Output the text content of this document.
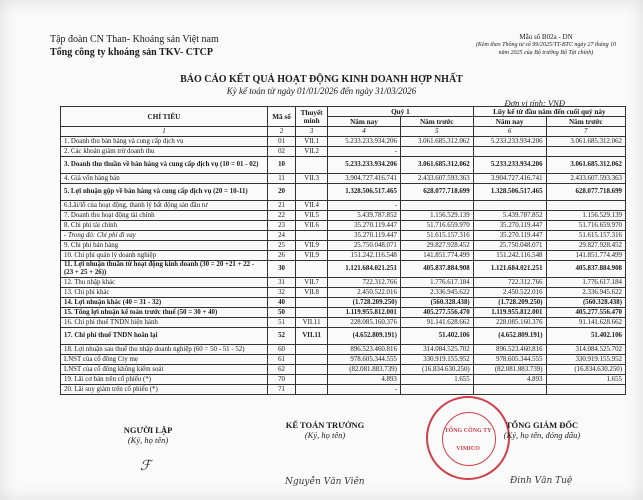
Tập đoàn CN Than- Khoáng sản Việt nam
Tổng công ty khoáng sản TKV- CTCP
Mẫu số B02a - DN
(Kèm theo Thông tư số 99/2025/TT-BTC ngày 27 tháng 10 năm 2025 của Bộ trưởng Bộ Tài chính)
BÁO CÁO KẾT QUẢ HOẠT ĐỘNG KINH DOANH HỢP NHẤT
Kỳ kế toán từ ngày 01/01/2026 đến ngày 31/03/2026
Đơn vị tính: VNĐ
CHỈ TIÊU	Mã số	Thuyết minh	Quý 1		Lũy kế từ đầu năm đến cuối quý này	
			Năm nay	Năm trước	Năm nay	Năm trước
1	2	3	4	5	6	7
1. Doanh thu bán hàng và cung cấp dịch vụ	01	VII.1	5.233.233.934.206	3.061.685.312.062	5.233.233.934.206	3.061.685.312.062
2. Các khoản giảm trừ doanh thu	02	VII.2	-			
3. Doanh thu thuần về bán hàng và cung cấp dịch vụ (10 = 01 - 02)	10		5.233.233.934.206	3.061.685.312.062	5.233.233.934.206	3.061.685.312.062
4. Giá vốn hàng bán	11	VII.3	3.904.727.416.741	2.433.607.593.363	3.904.727.416.741	2.433.607.593.363
5. Lợi nhuận gộp về bán hàng và cung cấp dịch vụ (20 = 10-11)	20		1.328.506.517.465	628.077.718.699	1.328.506.517.465	628.077.718.699
6.Lãi/lỗ của hoạt động, thanh lý bất động sản đầu tư	21	VII.4	-			
7. Doanh thu hoạt động tài chính	22	VII.5	5.439.787.852	1.156.529.139	5.439.787.852	1.156.529.139
8. Chi phí tài chính	23	VII.6	35.270.119.447	51.716.659.970	35.270.119.447	51.716.659.970
- Trong đó: Chi phí đi vay	24		35.270.119.447	51.615.157.316	35.270.119.447	51.615.157.316
9. Chi phí bán hàng	25	VII.9	25.750.048.071	29.827.928.452	25.750.048.071	29.827.928.452
10. Chi phí quản lý doanh nghiệp	26	VII.9	151.242.116.548	141.851.774.499	151.242.116.548	141.851.774.499
11. Lợi nhuận thuần từ hoạt động kinh doanh (30 = 20 +21 + 22 - (23 + 25 + 26))	30		1.121.684.021.251	405.837.884.908	1.121.684.021.251	405.837.884.908
12. Thu nhập khác	31	VII.7	722.312.766	1.776.617.184	722.312.766	1.776.617.184
13. Chi phí khác	32	VII.8	2.450.522.016	2.336.945.622	2.450.522.016	2.336.945.622
14. Lợi nhuận khác (40 = 31 - 32)	40		(1.728.209.250)	(560.328.438)	(1.728.209.250)	(560.328.438)
15. Tổng lợi nhuận kế toán trước thuế (50 = 30 + 40)	50		1.119.955.812.001	405.277.556.470	1.119.955.812.001	405.277.556.470
16. Chi phí thuế TNDN hiện hành	51	VII.11	228.085.160.376	91.141.628.662	228.085.160.376	91.141.628.662
17. Chi phí thuế TNDN hoãn lại	52	VII.11	(4.652.809.191)	51.402.106	(4.652.809.191)	51.402.106
18. Lợi nhuận sau thuế thu nhập doanh nghiệp (60 = 50 - 51 - 52)	60		896.523.460.816	314.084.525.702	896.523.460.816	314.084.525.702
LNST của cổ đông Cty mẹ	61		978.605.344.555	330.919.155.952	978.605.344.555	330.919.155.952
LNST của cổ đông không kiểm soát	62		(82.081.883.739)	(16.834.630.250)	(82.081.883.739)	(16.834.630.250)
19. Lãi cơ bản trên cổ phiếu (*)	70		4.893	1.655	4.893	1.655
20. Lãi suy giảm trên cổ phiếu (*)	71		-			
NGƯỜI LẬP
(Ký, họ tên)
ℱ
KẾ TOÁN TRƯỞNG
(Ký, họ tên)
Nguyễn Văn Viên
TỔNG CÔNG TY
VIMICO
TỔNG GIÁM ĐỐC
(Ký, họ tên, đóng dấu)
Đinh Văn Tuệ
